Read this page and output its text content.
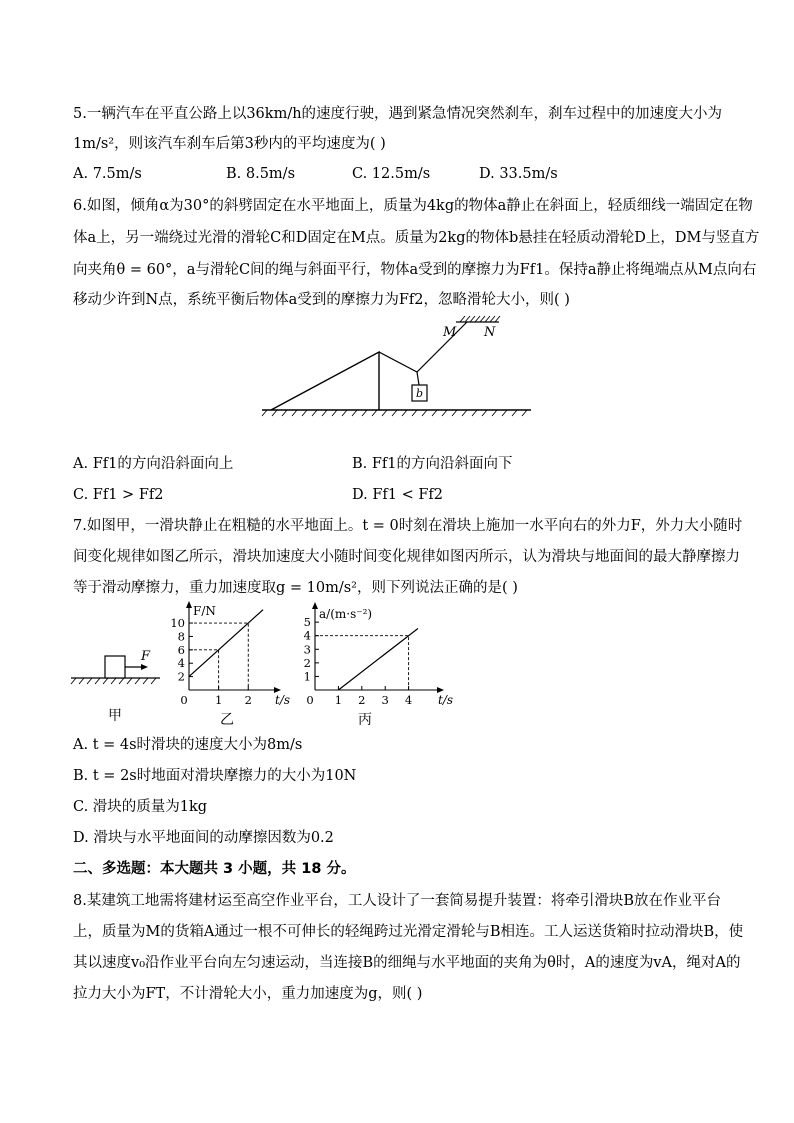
5.一辆汽车在平直公路上以36km/h的速度行驶，遇到紧急情况突然刹车，刹车过程中的加速度大小为
1m/s²，则该汽车刹车后第3秒内的平均速度为( )
A. 7.5m/s	B. 8.5m/s	C. 12.5m/s	D. 33.5m/s
6.如图，倾角α为30°的斜劈固定在水平地面上，质量为4kg的物体a静止在斜面上，轻质细线一端固定在物
体a上，另一端绕过光滑的滑轮C和D固定在M点。质量为2kg的物体b悬挂在轻质动滑轮D上，DM与竖直方
向夹角θ = 60°，a与滑轮C间的绳与斜面平行，物体a受到的摩擦力为Ff1。保持a静止将绳端点从M点向右
移动少许到N点，系统平衡后物体a受到的摩擦力为Ff2，忽略滑轮大小，则( )
b
M N
A. Ff1的方向沿斜面向上	B. Ff1的方向沿斜面向下
C. Ff1 > Ff2	D. Ff1 < Ff2
7.如图甲，一滑块静止在粗糙的水平地面上。t = 0时刻在滑块上施加一水平向右的外力F，外力大小随时
间变化规律如图乙所示，滑块加速度大小随时间变化规律如图丙所示，认为滑块与地面间的最大静摩擦力
等于滑动摩擦力，重力加速度取g = 10m/s²，则下列说法正确的是( )
F
甲
2
4
6
8
10
0 1 2
F/N
t/s
乙
1
2
3
4
5
0 1 2 3 4
a/(m·s⁻²)
t/s
丙
A. t = 4s时滑块的速度大小为8m/s
B. t = 2s时地面对滑块摩擦力的大小为10N
C. 滑块的质量为1kg
D. 滑块与水平地面间的动摩擦因数为0.2
二、多选题：本大题共 3 小题，共 18 分。
8.某建筑工地需将建材运至高空作业平台，工人设计了一套简易提升装置：将牵引滑块B放在作业平台
上，质量为M的货箱A通过一根不可伸长的轻绳跨过光滑定滑轮与B相连。工人运送货箱时拉动滑块B，使
其以速度v₀沿作业平台向左匀速运动，当连接B的细绳与水平地面的夹角为θ时，A的速度为vA，绳对A的
拉力大小为FT，不计滑轮大小，重力加速度为g，则( )
